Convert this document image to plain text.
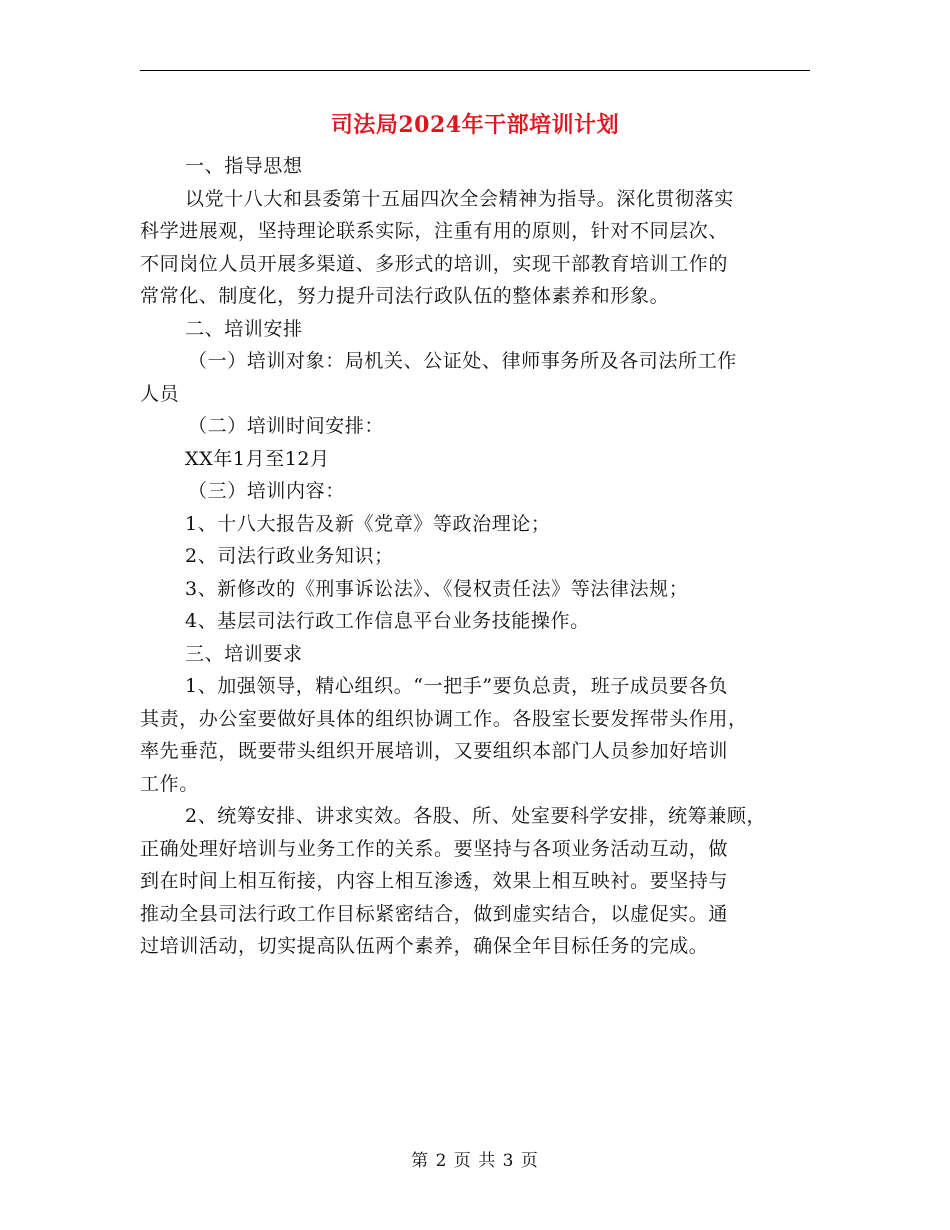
司法局2024年干部培训计划
一、指导思想
以党十八大和县委第十五届四次全会精神为指导。深化贯彻落实
科学进展观，坚持理论联系实际，注重有用的原则，针对不同层次、
不同岗位人员开展多渠道、多形式的培训，实现干部教育培训工作的
常常化、制度化，努力提升司法行政队伍的整体素养和形象。
二、培训安排
（一）培训对象：局机关、公证处、律师事务所及各司法所工作
人员
（二）培训时间安排：
XX年1月至12月
（三）培训内容：
1、十八大报告及新《党章》等政治理论；
2、司法行政业务知识；
3、新修改的《刑事诉讼法》、《侵权责任法》等法律法规；
4、基层司法行政工作信息平台业务技能操作。
三、培训要求
1、加强领导，精心组织。“一把手”要负总责，班子成员要各负
其责，办公室要做好具体的组织协调工作。各股室长要发挥带头作用，
率先垂范，既要带头组织开展培训，又要组织本部门人员参加好培训
工作。
2、统筹安排、讲求实效。各股、所、处室要科学安排，统筹兼顾，
正确处理好培训与业务工作的关系。要坚持与各项业务活动互动，做
到在时间上相互衔接，内容上相互渗透，效果上相互映衬。要坚持与
推动全县司法行政工作目标紧密结合，做到虚实结合，以虚促实。通
过培训活动，切实提高队伍两个素养，确保全年目标任务的完成。
第 2 页 共 3 页
